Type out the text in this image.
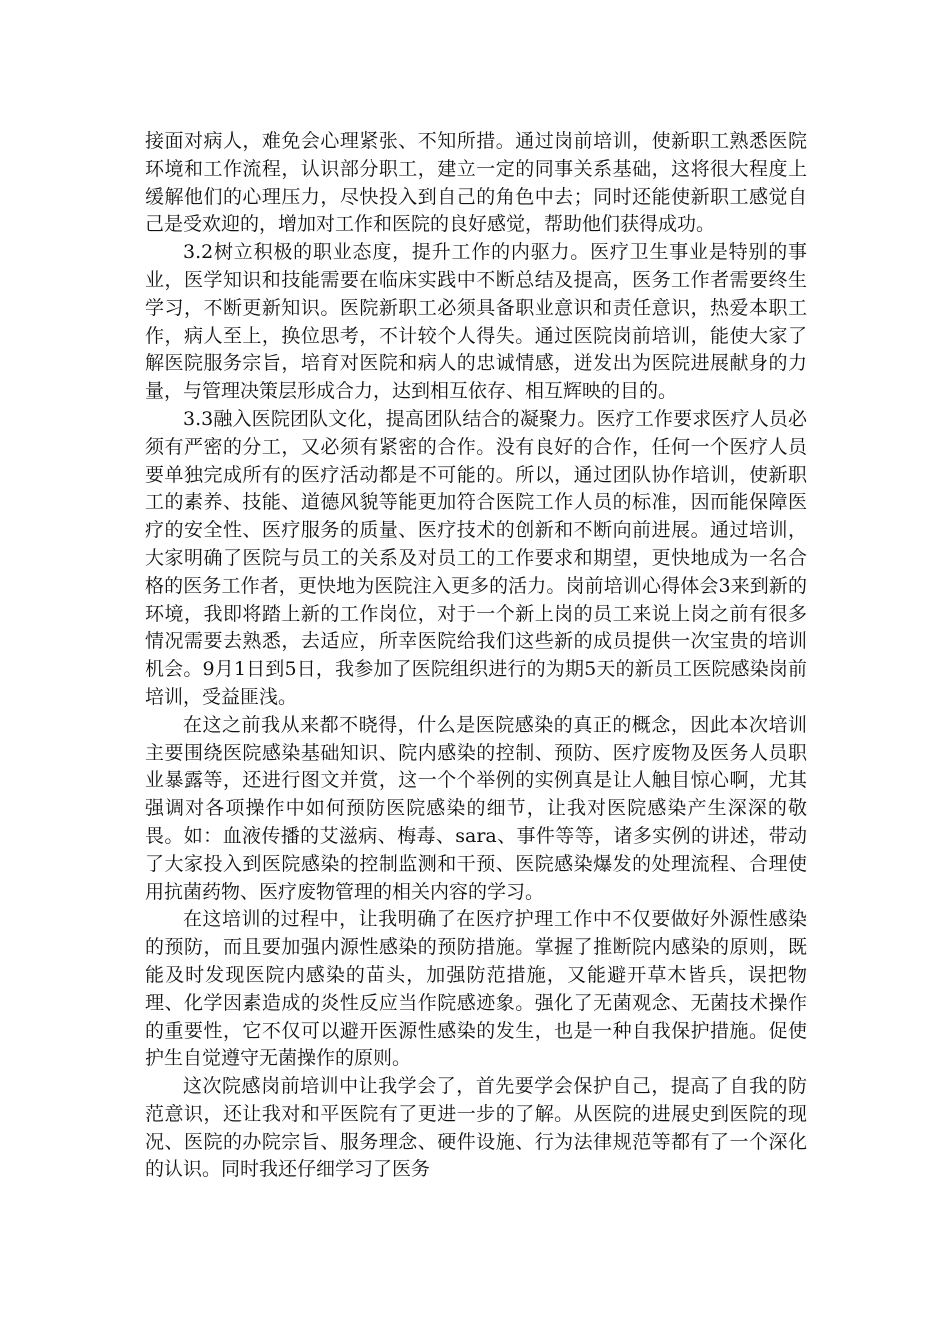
接面对病人，难免会心理紧张、不知所措。通过岗前培训，使新职工熟悉医院环境和工作流程，认识部分职工，建立一定的同事关系基础，这将很大程度上缓解他们的心理压力，尽快投入到自己的角色中去；同时还能使新职工感觉自己是受欢迎的，增加对工作和医院的良好感觉，帮助他们获得成功。

3.2树立积极的职业态度，提升工作的内驱力。医疗卫生事业是特别的事业，医学知识和技能需要在临床实践中不断总结及提高，医务工作者需要终生学习，不断更新知识。医院新职工必须具备职业意识和责任意识，热爱本职工作，病人至上，换位思考，不计较个人得失。通过医院岗前培训，能使大家了解医院服务宗旨，培育对医院和病人的忠诚情感，迸发出为医院进展献身的力量，与管理决策层形成合力，达到相互依存、相互辉映的目的。

3.3融入医院团队文化，提高团队结合的凝聚力。医疗工作要求医疗人员必须有严密的分工，又必须有紧密的合作。没有良好的合作，任何一个医疗人员要单独完成所有的医疗活动都是不可能的。所以，通过团队协作培训，使新职工的素养、技能、道德风貌等能更加符合医院工作人员的标准，因而能保障医疗的安全性、医疗服务的质量、医疗技术的创新和不断向前进展。通过培训，大家明确了医院与员工的关系及对员工的工作要求和期望，更快地成为一名合格的医务工作者，更快地为医院注入更多的活力。岗前培训心得体会3来到新的环境，我即将踏上新的工作岗位，对于一个新上岗的员工来说上岗之前有很多情况需要去熟悉，去适应，所幸医院给我们这些新的成员提供一次宝贵的培训机会。9月1日到5日，我参加了医院组织进行的为期5天的新员工医院感染岗前培训，受益匪浅。

在这之前我从来都不晓得，什么是医院感染的真正的概念，因此本次培训主要围绕医院感染基础知识、院内感染的控制、预防、医疗废物及医务人员职业暴露等，还进行图文并赏，这一个个举例的实例真是让人触目惊心啊，尤其强调对各项操作中如何预防医院感染的细节，让我对医院感染产生深深的敬畏。如：血液传播的艾滋病、梅毒、sara、事件等等，诸多实例的讲述，带动了大家投入到医院感染的控制监测和干预、医院感染爆发的处理流程、合理使用抗菌药物、医疗废物管理的相关内容的学习。

在这培训的过程中，让我明确了在医疗护理工作中不仅要做好外源性感染的预防，而且要加强内源性感染的预防措施。掌握了推断院内感染的原则，既能及时发现医院内感染的苗头，加强防范措施，又能避开草木皆兵，误把物理、化学因素造成的炎性反应当作院感迹象。强化了无菌观念、无菌技术操作的重要性，它不仅可以避开医源性感染的发生，也是一种自我保护措施。促使护生自觉遵守无菌操作的原则。

这次院感岗前培训中让我学会了，首先要学会保护自己，提高了自我的防范意识，还让我对和平医院有了更进一步的了解。从医院的进展史到医院的现况、医院的办院宗旨、服务理念、硬件设施、行为法律规范等都有了一个深化的认识。同时我还仔细学习了医务
